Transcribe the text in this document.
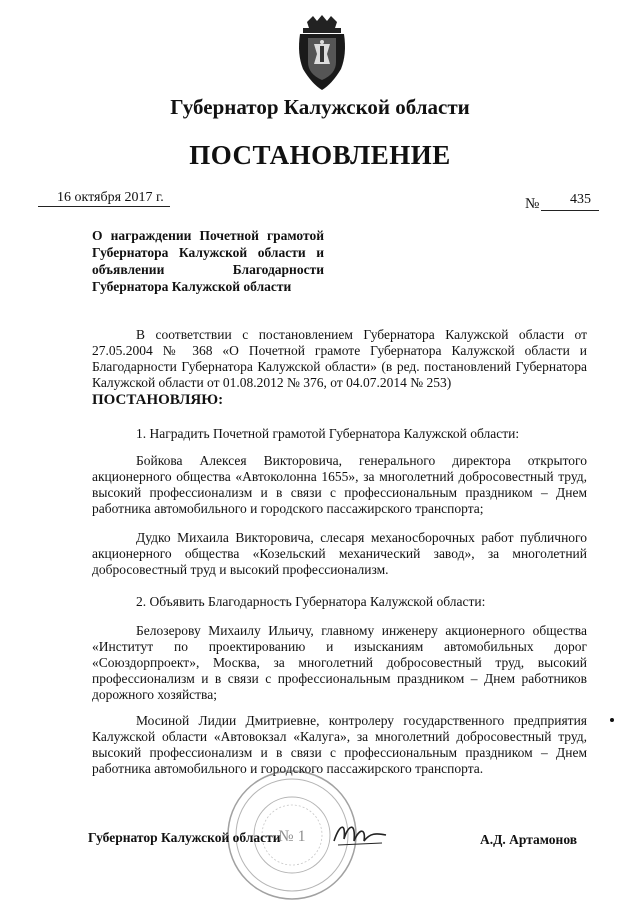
Губернатор Калужской области
ПОСТАНОВЛЕНИЕ
16 октября 2017 г.	№ 435
О награждении Почетной грамотой Губернатора Калужской области и объявлении Благодарности Губернатора Калужской области
В соответствии с постановлением Губернатора Калужской области от 27.05.2004 № 368 «О Почетной грамоте Губернатора Калужской области и Благодарности Губернатора Калужской области» (в ред. постановлений Губернатора Калужской области от 01.08.2012 № 376, от 04.07.2014 № 253)
ПОСТАНОВЛЯЮ:
1. Наградить Почетной грамотой Губернатора Калужской области:
Бойкова Алексея Викторовича, генерального директора открытого акционерного общества «Автоколонна 1655», за многолетний добросовестный труд, высокий профессионализм и в связи с профессиональным праздником – Днем работника автомобильного и городского пассажирского транспорта;
Дудко Михаила Викторовича, слесаря механосборочных работ публичного акционерного общества «Козельский механический завод», за многолетний добросовестный труд и высокий профессионализм.
2. Объявить Благодарность Губернатора Калужской области:
Белозерову Михаилу Ильичу, главному инженеру акционерного общества «Институт по проектированию и изысканиям автомобильных дорог «Союздорпроект», Москва, за многолетний добросовестный труд, высокий профессионализм и в связи с профессиональным праздником – Днем работников дорожного хозяйства;
Мосиной Лидии Дмитриевне, контролеру государственного предприятия Калужской области «Автовокзал «Калуга», за многолетний добросовестный труд, высокий профессионализм и в связи с профессиональным праздником – Днем работника автомобильного и городского пассажирского транспорта.
№ 1
Губернатор Калужской области	А.Д. Артамонов
